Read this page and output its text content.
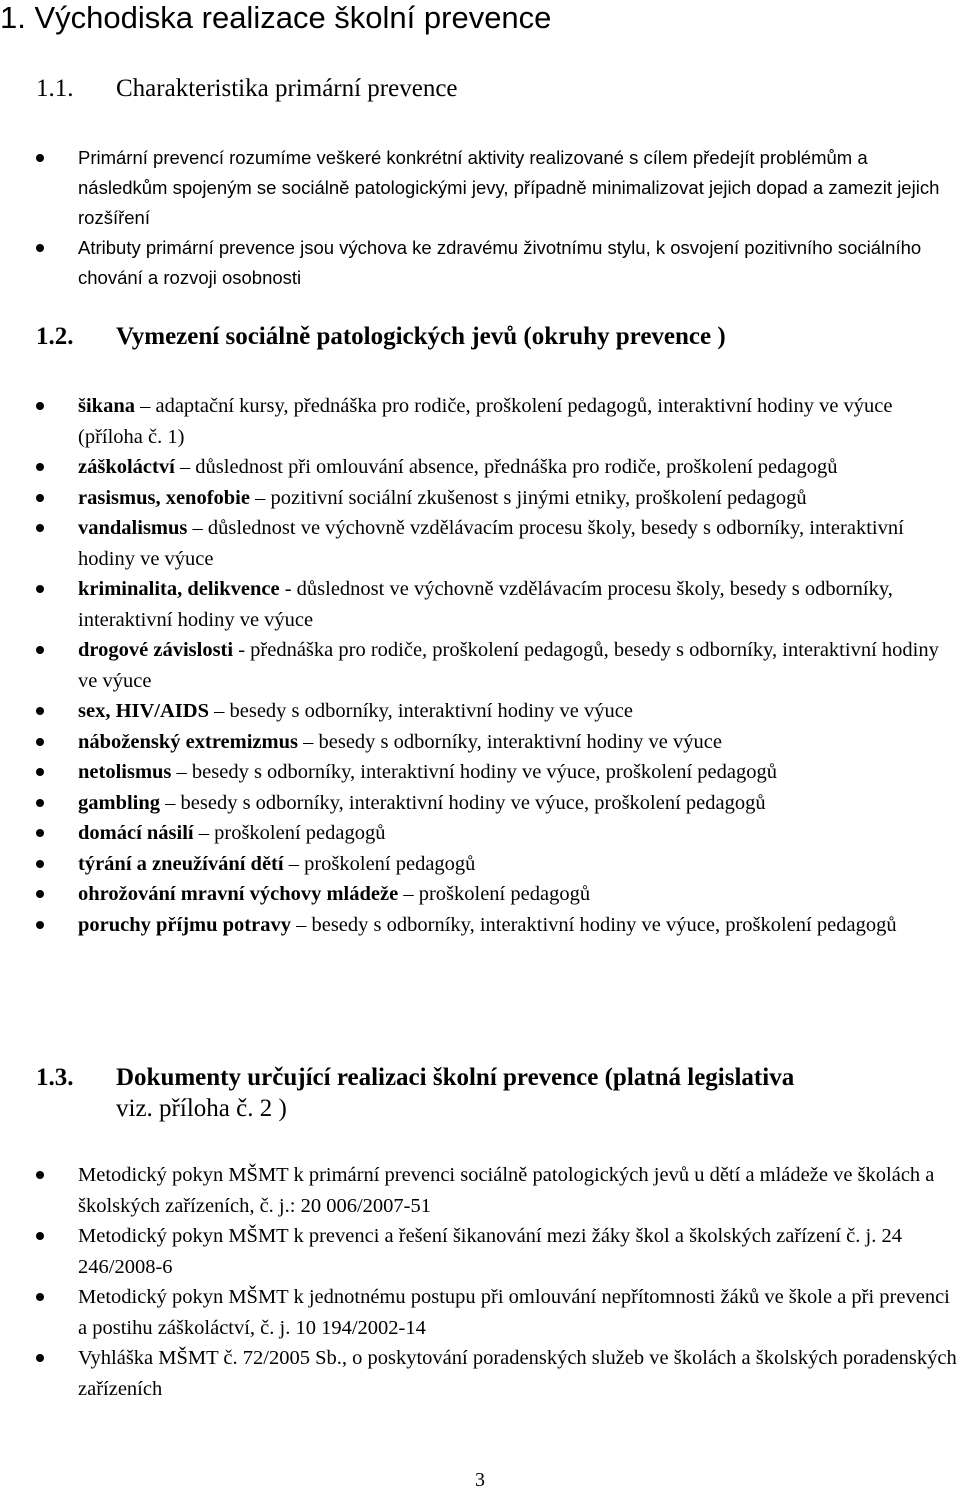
1. Východiska realizace školní prevence
1.1. Charakteristika primární prevence
Primární prevencí rozumíme veškeré konkrétní aktivity realizované s cílem předejít problémům a následkům spojeným se sociálně patologickými jevy, případně minimalizovat jejich dopad a zamezit jejich rozšíření
Atributy primární prevence jsou výchova ke zdravému životnímu stylu, k osvojení pozitivního sociálního chování a rozvoji osobnosti
1.2. Vymezení sociálně patologických jevů (okruhy prevence )
šikana – adaptační kursy, přednáška pro rodiče, proškolení pedagogů, interaktivní hodiny ve výuce (příloha č. 1)
záškoláctví – důslednost při omlouvání absence, přednáška pro rodiče, proškolení pedagogů
rasismus, xenofobie – pozitivní sociální zkušenost s jinými etniky, proškolení pedagogů
vandalismus – důslednost ve výchovně vzdělávacím procesu školy, besedy s odborníky, interaktivní hodiny ve výuce
kriminalita, delikvence - důslednost ve výchovně vzdělávacím procesu školy, besedy s odborníky, interaktivní hodiny ve výuce
drogové závislosti - přednáška pro rodiče, proškolení pedagogů, besedy s odborníky, interaktivní hodiny ve výuce
sex, HIV/AIDS – besedy s odborníky, interaktivní hodiny ve výuce
náboženský extremizmus – besedy s odborníky, interaktivní hodiny ve výuce
netolismus – besedy s odborníky, interaktivní hodiny ve výuce, proškolení pedagogů
gambling – besedy s odborníky, interaktivní hodiny ve výuce, proškolení pedagogů
domácí násilí – proškolení pedagogů
týrání a zneužívání dětí – proškolení pedagogů
ohrožování mravní výchovy mládeže – proškolení pedagogů
poruchy příjmu potravy – besedy s odborníky, interaktivní hodiny ve výuce, proškolení pedagogů
1.3. Dokumenty určující realizaci školní prevence (platná legislativa
viz. příloha č. 2 )
Metodický pokyn MŠMT k primární prevenci sociálně patologických jevů u dětí a mládeže ve školách a školských zařízeních, č. j.: 20 006/2007-51
Metodický pokyn MŠMT k prevenci a řešení šikanování mezi žáky škol a školských zařízení č. j. 24 246/2008-6
Metodický pokyn MŠMT k jednotnému postupu při omlouvání nepřítomnosti žáků ve škole a při prevenci a postihu záškoláctví, č. j. 10 194/2002-14
Vyhláška MŠMT č. 72/2005 Sb., o poskytování poradenských služeb ve školách a školských poradenských zařízeních
3
